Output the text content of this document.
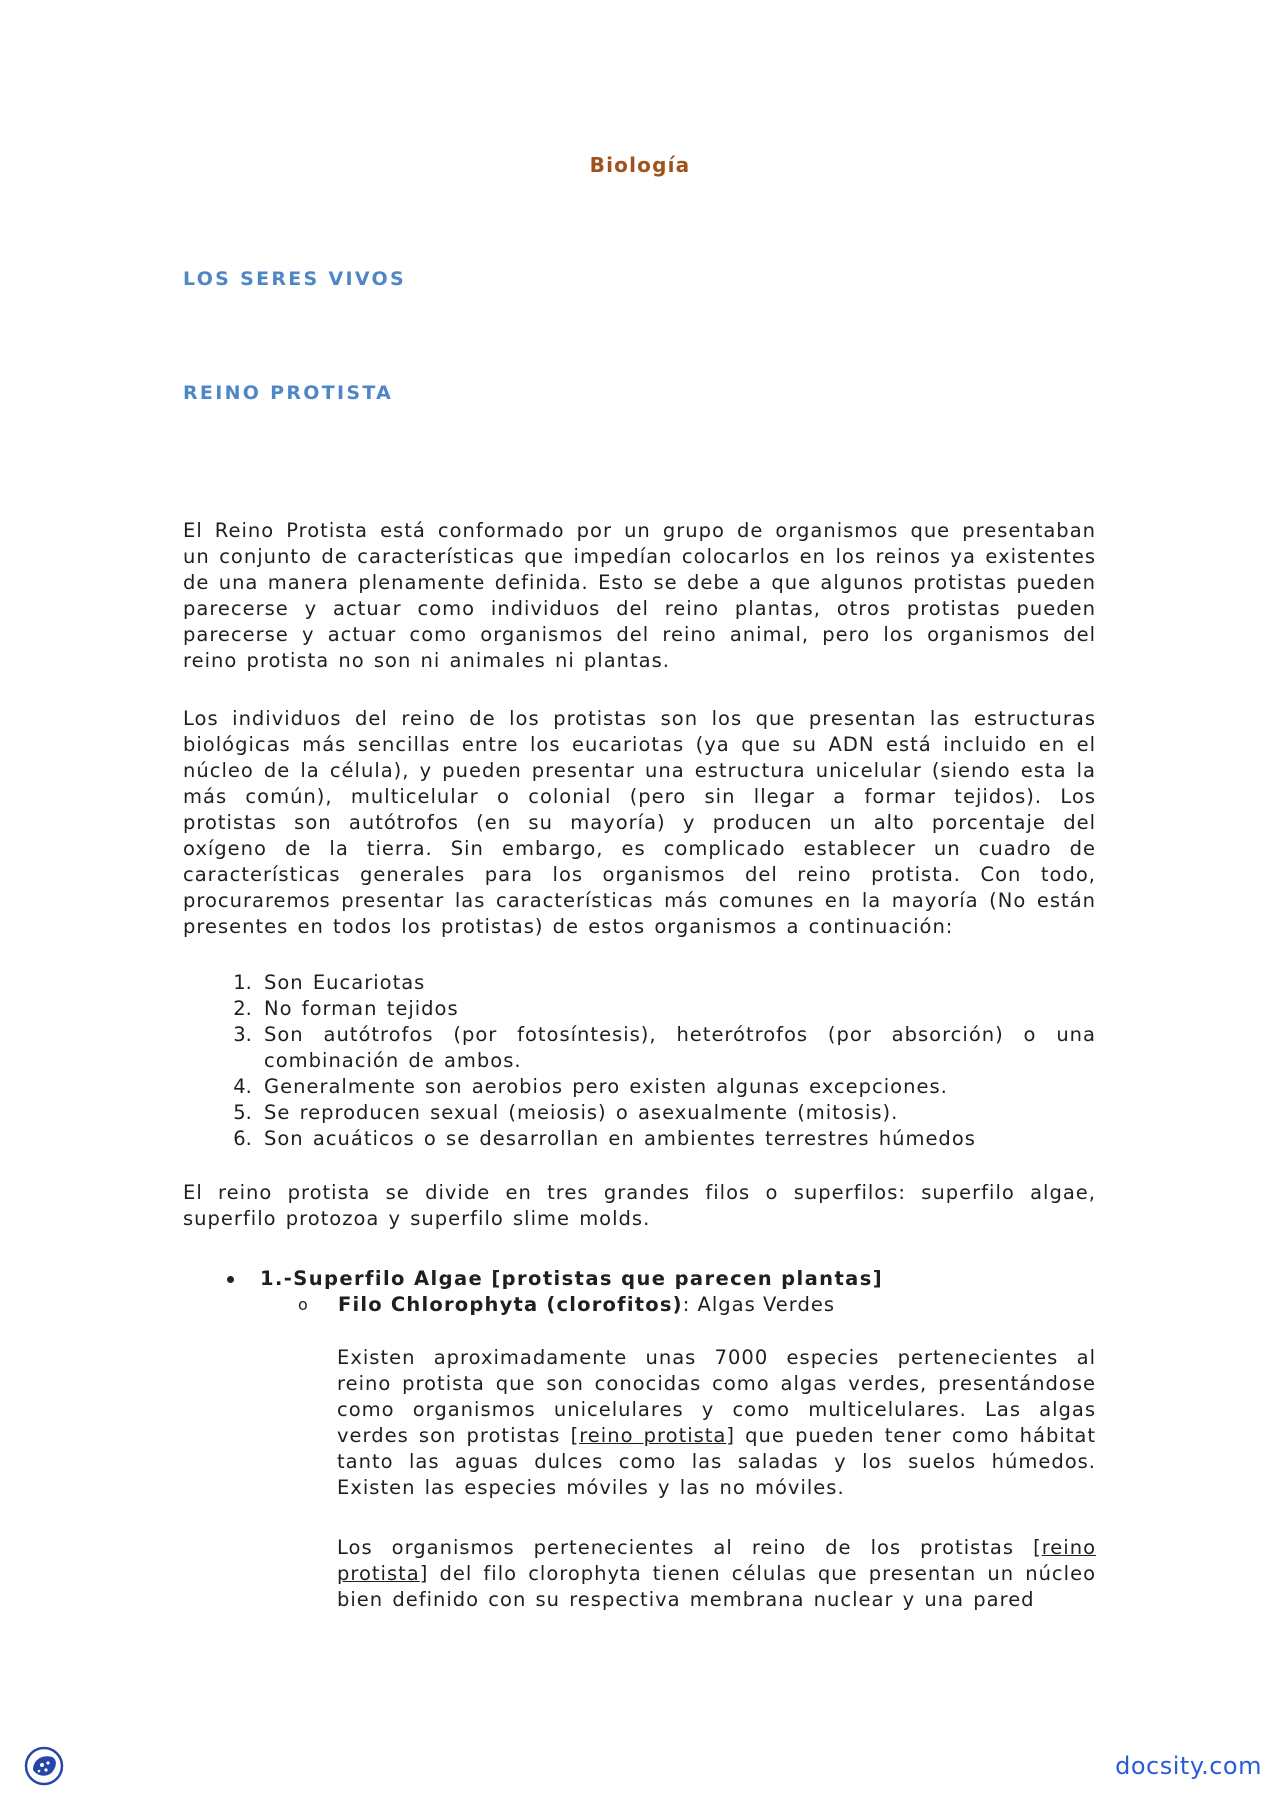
Biología
LOS SERES VIVOS
REINO PROTISTA

El Reino Protista está conformado por un grupo de organismos que presentaban un conjunto de características que impedían colocarlos en los reinos ya existentes de una manera plenamente definida. Esto se debe a que algunos protistas pueden parecerse y actuar como individuos del reino plantas, otros protistas pueden parecerse y actuar como organismos del reino animal, pero los organismos del reino protista no son ni animales ni plantas.

Los individuos del reino de los protistas son los que presentan las estructuras biológicas más sencillas entre los eucariotas (ya que su ADN está incluido en el núcleo de la célula), y pueden presentar una estructura unicelular (siendo esta la más común), multicelular o colonial (pero sin llegar a formar tejidos). Los protistas son autótrofos (en su mayoría) y producen un alto porcentaje del oxígeno de la tierra. Sin embargo, es complicado establecer un cuadro de características generales para los organismos del reino protista. Con todo, procuraremos presentar las características más comunes en la mayoría (No están presentes en todos los protistas) de estos organismos a continuación:

1. Son Eucariotas
2. No forman tejidos
3. Son autótrofos (por fotosíntesis), heterótrofos (por absorción) o una combinación de ambos.
4. Generalmente son aerobios pero existen algunas excepciones.
5. Se reproducen sexual (meiosis) o asexualmente (mitosis).
6. Son acuáticos o se desarrollan en ambientes terrestres húmedos

El reino protista se divide en tres grandes filos o superfilos: superfilo algae, superfilo protozoa y superfilo slime molds.

1.-Superfilo Algae [protistas que parecen plantas]
o Filo Chlorophyta (clorofitos): Algas Verdes

Existen aproximadamente unas 7000 especies pertenecientes al reino protista que son conocidas como algas verdes, presentándose como organismos unicelulares y como multicelulares. Las algas verdes son protistas [reino protista] que pueden tener como hábitat tanto las aguas dulces como las saladas y los suelos húmedos. Existen las especies móviles y las no móviles.

Los organismos pertenecientes al reino de los protistas [reino protista] del filo clorophyta tienen células que presentan un núcleo bien definido con su respectiva membrana nuclear y una pared

docsity.com
